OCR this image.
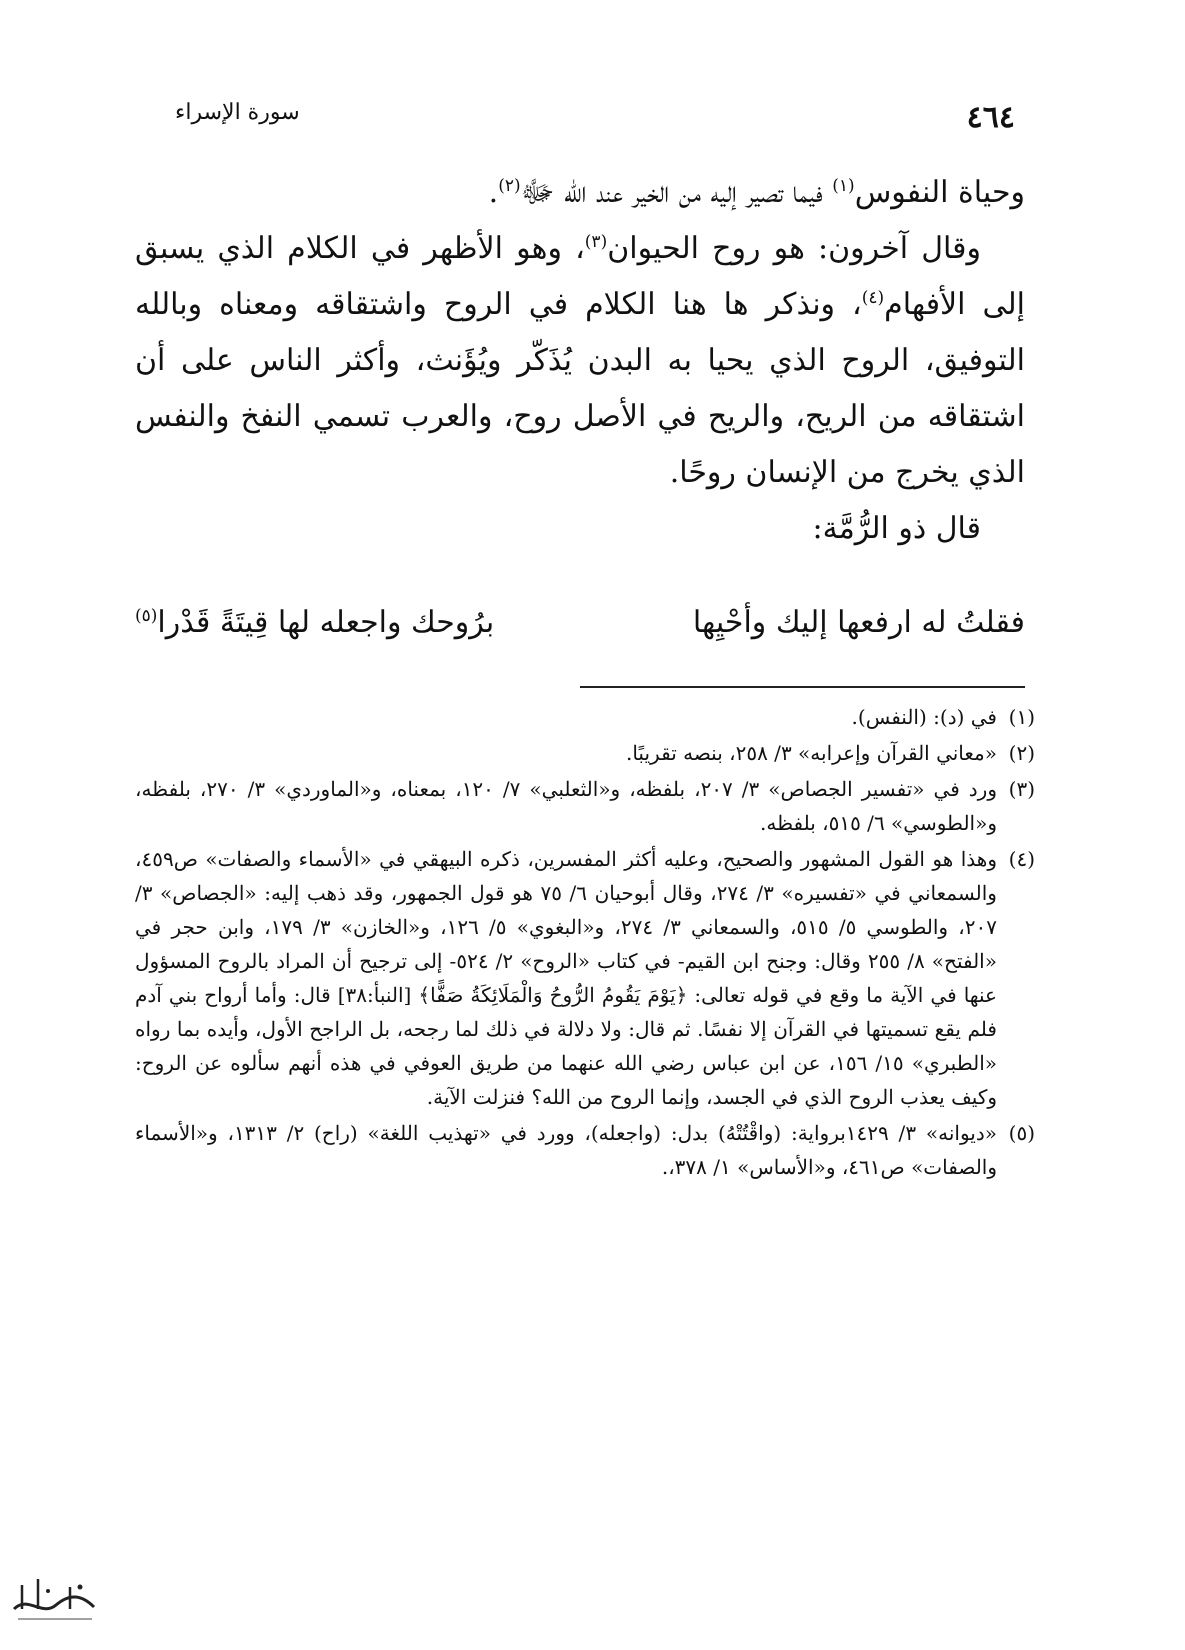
٤٦٤
سورة الإسراء

وحياة النفوس$^{(١)}$ فيما تصير إليه من الخير عند الله ﷻ$^{(٢)}$.

وقال آخرون: هو روح الحيوان$^{(٣)}$، وهو الأظهر في الكلام الذي يسبق إلى الأفهام$^{(٤)}$، ونذكر ها هنا الكلام في الروح واشتقاقه ومعناه وبالله التوفيق، الروح الذي يحيا به البدن يُذَكّر ويُؤَنث، وأكثر الناس على أن اشتقاقه من الريح، والريح في الأصل روح، والعرب تسمي النفخ والنفس الذي يخرج من الإنسان روحًا.

قال ذو الرُّمَّة:

فقلتُ له ارفعها إليك وأحْيِها
برُوحك واجعله لها قِيتَةً قَدْرا$^{(٥)}$
(١)
في (د): (النفس).
(٢)
«معاني القرآن وإعرابه» ٣/ ٢٥٨، بنصه تقريبًا.
(٣)
ورد في «تفسير الجصاص» ٣/ ٢٠٧، بلفظه، و«الثعلبي» ٧/ ١٢٠، بمعناه، و«الماوردي» ٣/ ٢٧٠، بلفظه، و«الطوسي» ٦/ ٥١٥، بلفظه.
(٤)
وهذا هو القول المشهور والصحيح، وعليه أكثر المفسرين، ذكره البيهقي في «الأسماء والصفات» ص٤٥٩، والسمعاني في «تفسيره» ٣/ ٢٧٤، وقال أبوحيان ٦/ ٧٥ هو قول الجمهور، وقد ذهب إليه: «الجصاص» ٣/ ٢٠٧، والطوسي ٥/ ٥١٥، والسمعاني ٣/ ٢٧٤، و«البغوي» ٥/ ١٢٦، و«الخازن» ٣/ ١٧٩، وابن حجر في «الفتح» ٨/ ٢٥٥ وقال: وجنح ابن القيم- في كتاب «الروح» ٢/ ٥٢٤- إلى ترجيح أن المراد بالروح المسؤول عنها في الآية ما وقع في قوله تعالى: ﴿يَوْمَ يَقُومُ الرُّوحُ وَالْمَلَائِكَةُ صَفًّا﴾ [النبأ:٣٨] قال: وأما أرواح بني آدم فلم يقع تسميتها في القرآن إلا نفسًا. ثم قال: ولا دلالة في ذلك لما رجحه، بل الراجح الأول، وأيده بما رواه «الطبري» ١٥/ ١٥٦، عن ابن عباس رضي الله عنهما من طريق العوفي في هذه أنهم سألوه عن الروح: وكيف يعذب الروح الذي في الجسد، وإنما الروح من الله؟ فنزلت الآية.
(٥)
«ديوانه» ٣/ ١٤٢٩برواية: (واقْتُتْهُ) بدل: (واجعله)، وورد في «تهذيب اللغة» (راح) ٢/ ١٣١٣، و«الأسماء والصفات» ص٤٦١، و«الأساس» ١/ ٣٧٨،.
